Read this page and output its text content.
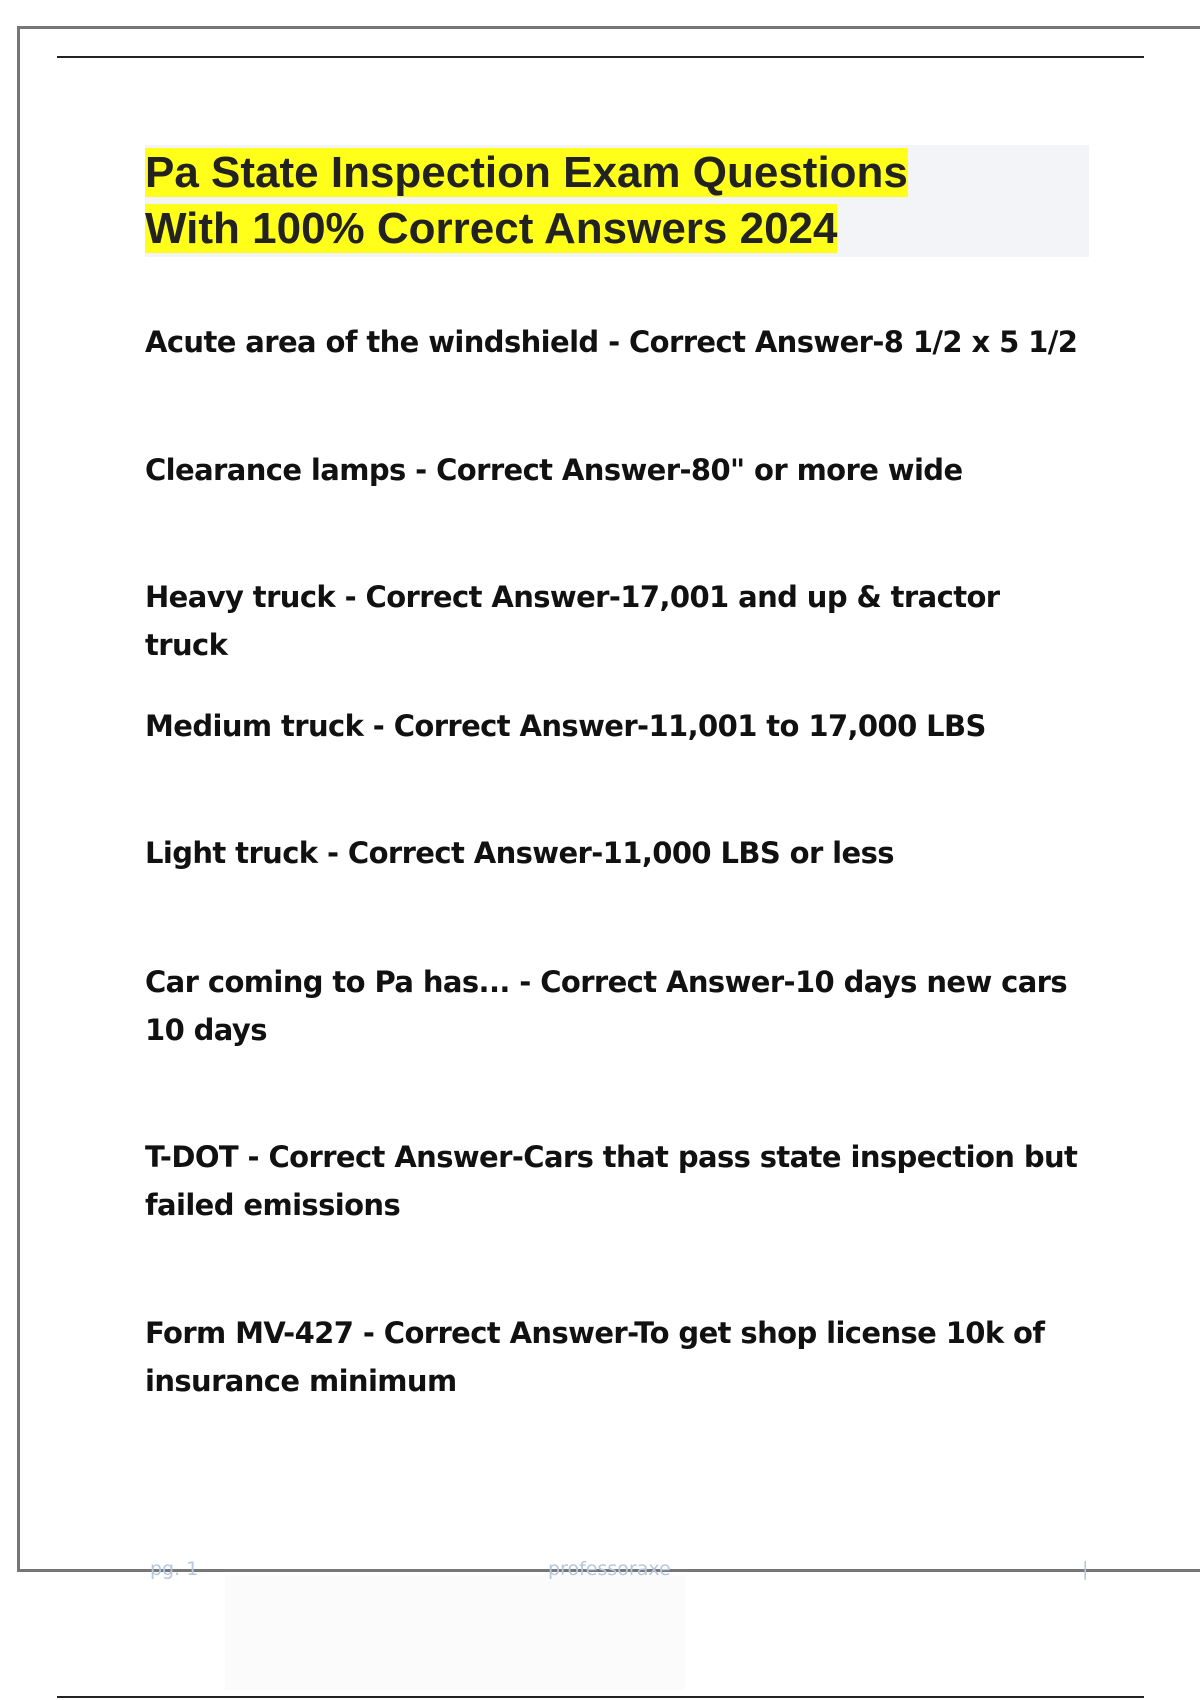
Pa State Inspection Exam Questions
With 100% Correct Answers 2024
Acute area of the windshield - Correct Answer-8 1/2 x 5 1/2
Clearance lamps - Correct Answer-80" or more wide
Heavy truck - Correct Answer-17,001 and up & tractor truck
Medium truck - Correct Answer-11,001 to 17,000 LBS
Light truck - Correct Answer-11,000 LBS or less
Car coming to Pa has... - Correct Answer-10 days new cars 10 days
T-DOT - Correct Answer-Cars that pass state inspection but failed emissions
Form MV-427 - Correct Answer-To get shop license 10k of insurance minimum
pg. 1	professoraxe	|
